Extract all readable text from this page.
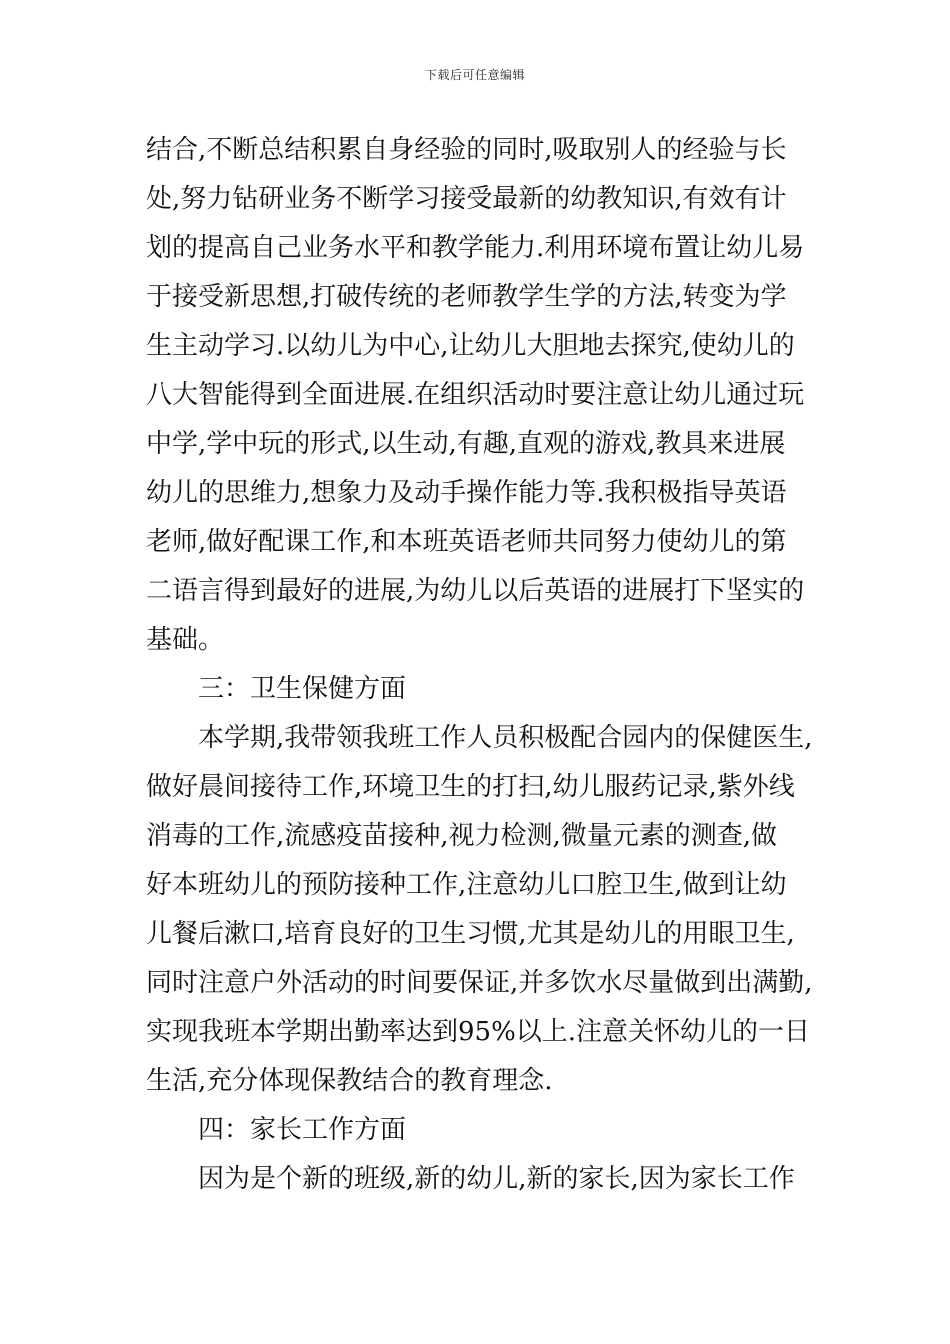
下载后可任意编辑
结合,不断总结积累自身经验的同时,吸取别人的经验与长
处,努力钻研业务不断学习接受最新的幼教知识,有效有计
划的提高自己业务水平和教学能力.利用环境布置让幼儿易
于接受新思想,打破传统的老师教学生学的方法,转变为学
生主动学习.以幼儿为中心,让幼儿大胆地去探究,使幼儿的
八大智能得到全面进展.在组织活动时要注意让幼儿通过玩
中学,学中玩的形式,以生动,有趣,直观的游戏,教具来进展
幼儿的思维力,想象力及动手操作能力等.我积极指导英语
老师,做好配课工作,和本班英语老师共同努力使幼儿的第
二语言得到最好的进展,为幼儿以后英语的进展打下坚实的
基础。
三：卫生保健方面
本学期,我带领我班工作人员积极配合园内的保健医生,
做好晨间接待工作,环境卫生的打扫,幼儿服药记录,紫外线
消毒的工作,流感疫苗接种,视力检测,微量元素的测查,做
好本班幼儿的预防接种工作,注意幼儿口腔卫生,做到让幼
儿餐后漱口,培育良好的卫生习惯,尤其是幼儿的用眼卫生,
同时注意户外活动的时间要保证,并多饮水尽量做到出满勤,
实现我班本学期出勤率达到95%以上.注意关怀幼儿的一日
生活,充分体现保教结合的教育理念.
四：家长工作方面
因为是个新的班级,新的幼儿,新的家长,因为家长工作
